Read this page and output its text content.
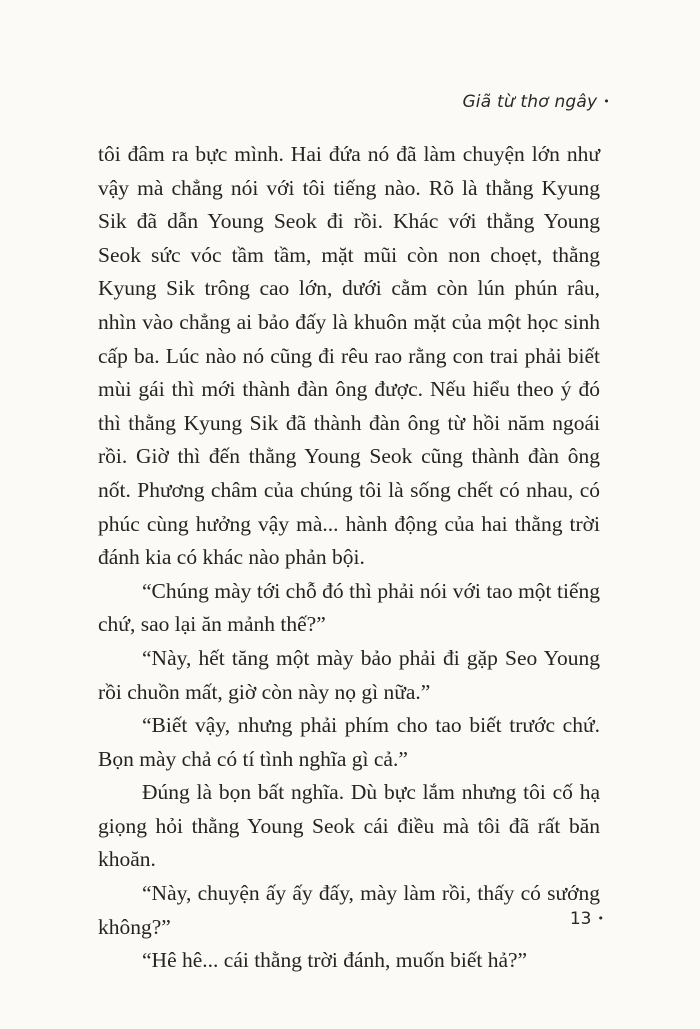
Giã từ thơ ngây •

tôi đâm ra bực mình. Hai đứa nó đã làm chuyện lớn như vậy mà chẳng nói với tôi tiếng nào. Rõ là thằng Kyung Sik đã dẫn Young Seok đi rồi. Khác với thằng Young Seok sức vóc tầm tầm, mặt mũi còn non choẹt, thằng Kyung Sik trông cao lớn, dưới cằm còn lún phún râu, nhìn vào chẳng ai bảo đấy là khuôn mặt của một học sinh cấp ba. Lúc nào nó cũng đi rêu rao rằng con trai phải biết mùi gái thì mới thành đàn ông được. Nếu hiểu theo ý đó thì thằng Kyung Sik đã thành đàn ông từ hồi năm ngoái rồi. Giờ thì đến thằng Young Seok cũng thành đàn ông nốt. Phương châm của chúng tôi là sống chết có nhau, có phúc cùng hưởng vậy mà... hành động của hai thằng trời đánh kia có khác nào phản bội.

“Chúng mày tới chỗ đó thì phải nói với tao một tiếng chứ, sao lại ăn mảnh thế?”

“Này, hết tăng một mày bảo phải đi gặp Seo Young rồi chuồn mất, giờ còn này nọ gì nữa.”

“Biết vậy, nhưng phải phím cho tao biết trước chứ. Bọn mày chả có tí tình nghĩa gì cả.”

Đúng là bọn bất nghĩa. Dù bực lắm nhưng tôi cố hạ giọng hỏi thằng Young Seok cái điều mà tôi đã rất băn khoăn.

“Này, chuyện ấy ấy đấy, mày làm rồi, thấy có sướng không?”

“Hê hê... cái thằng trời đánh, muốn biết hả?”

13 •
